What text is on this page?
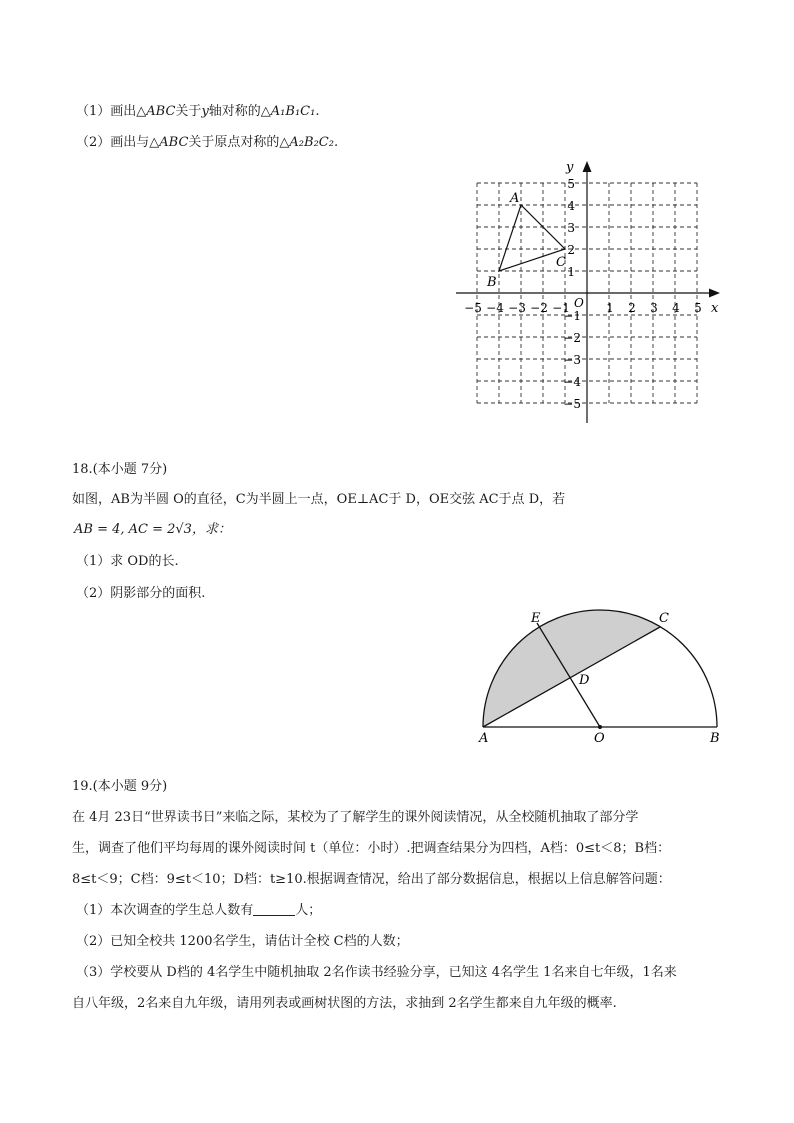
（1）画出△ABC关于y轴对称的△A₁B₁C₁.
（2）画出与△ABC关于原点对称的△A₂B₂C₂.
x
y
O
−5 −4 −3 −2 −1	1 2 3 4 5
5
4
3
2
1
−1
−2
−3
−4
−5
A
B
C
18.(本小题 7分)
如图，AB为半圆 O的直径，C为半圆上一点，OE⊥AC于 D，OE交弦 AC于点 D，若
AB = 4, AC = 2√3，求：
（1）求 OD的长.
（2）阴影部分的面积.
A	O	B
E	C
D
19.(本小题 9分)
在 4月 23日“世界读书日”来临之际，某校为了了解学生的课外阅读情况，从全校随机抽取了部分学
生，调查了他们平均每周的课外阅读时间 t（单位：小时）.把调查结果分为四档，A档：0≤t＜8；B档：
8≤t＜9；C档：9≤t＜10；D档：t≥10.根据调查情况，给出了部分数据信息，根据以上信息解答问题：
（1）本次调查的学生总人数有	人；
（2）已知全校共 1200名学生，请估计全校 C档的人数；
（3）学校要从 D档的 4名学生中随机抽取 2名作读书经验分享，已知这 4名学生 1名来自七年级，1名来
自八年级，2名来自九年级，请用列表或画树状图的方法，求抽到 2名学生都来自九年级的概率.
